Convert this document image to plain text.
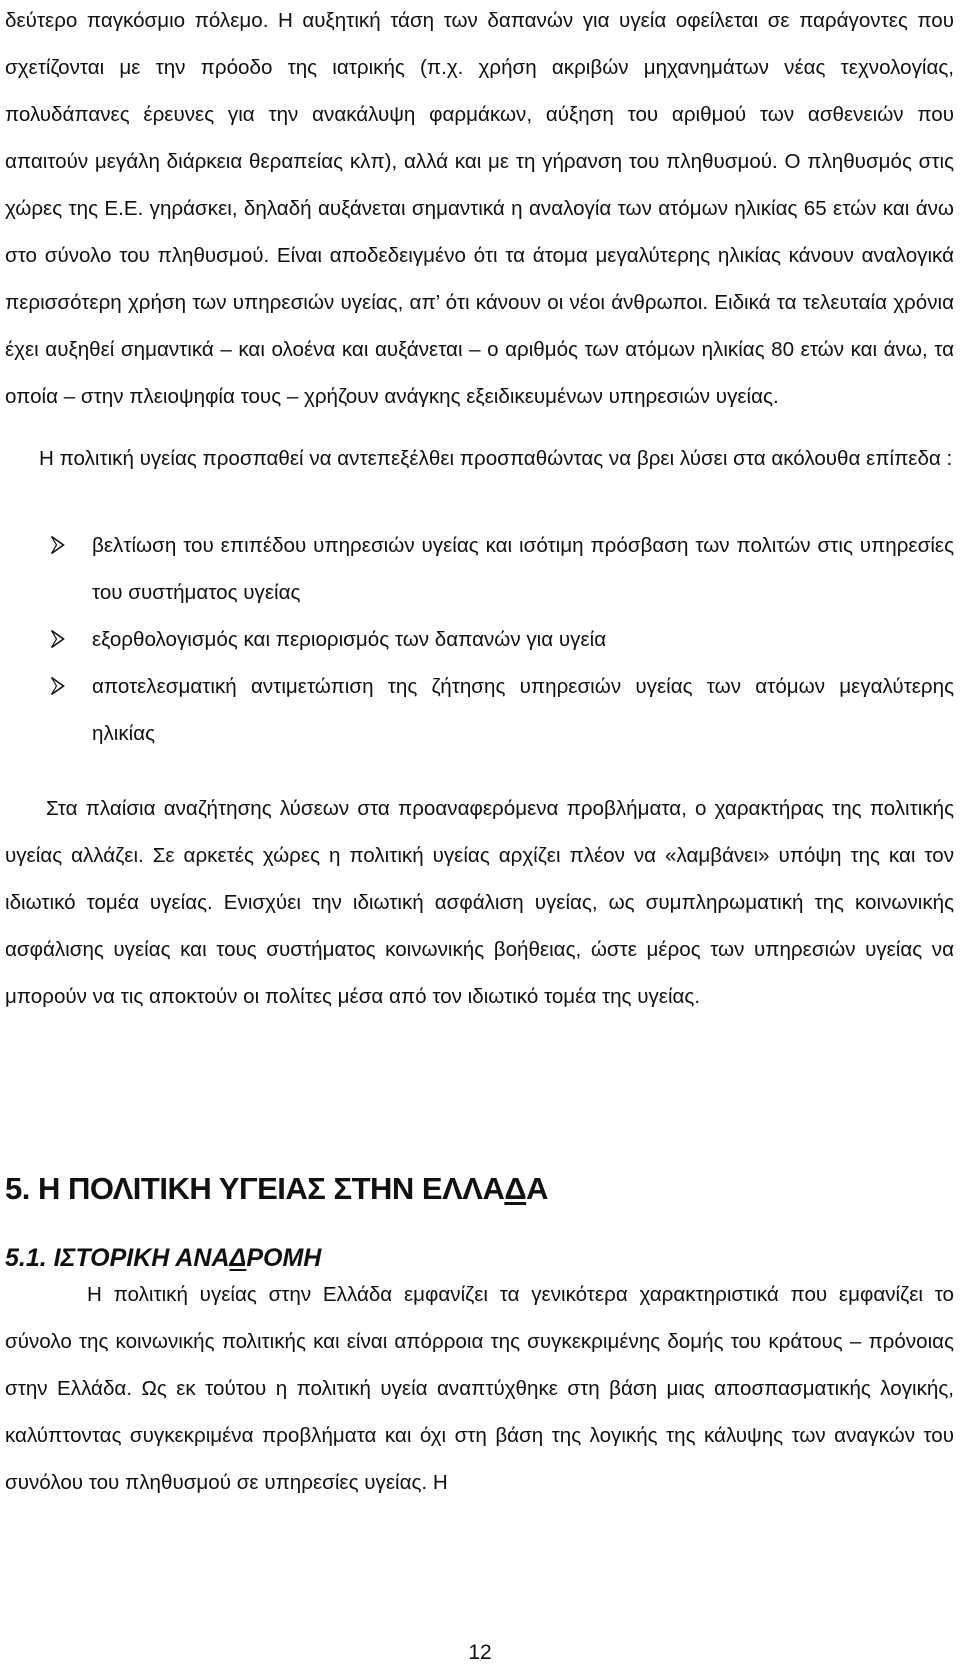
δεύτερο παγκόσμιο πόλεμο. Η αυξητική τάση των δαπανών για υγεία οφείλεται σε παράγοντες που σχετίζονται με την πρόοδο της ιατρικής (π.χ. χρήση ακριβών μηχανημάτων νέας τεχνολογίας, πολυδάπανες έρευνες για την ανακάλυψη φαρμάκων, αύξηση του αριθμού των ασθενειών που απαιτούν μεγάλη διάρκεια θεραπείας κλπ), αλλά και με τη γήρανση του πληθυσμού. Ο πληθυσμός στις χώρες της Ε.Ε. γηράσκει, δηλαδή αυξάνεται σημαντικά η αναλογία των ατόμων ηλικίας 65 ετών και άνω στο σύνολο του πληθυσμού. Είναι αποδεδειγμένο ότι τα άτομα μεγαλύτερης ηλικίας κάνουν αναλογικά περισσότερη χρήση των υπηρεσιών υγείας, απ’ ότι κάνουν οι νέοι άνθρωποι. Ειδικά τα τελευταία χρόνια έχει αυξηθεί σημαντικά – και ολοένα και αυξάνεται – ο αριθμός των ατόμων ηλικίας 80 ετών και άνω, τα οποία – στην πλειοψηφία τους – χρήζουν ανάγκης εξειδικευμένων υπηρεσιών υγείας.

Η πολιτική υγείας προσπαθεί να αντεπεξέλθει προσπαθώντας να βρει λύσει στα ακόλουθα επίπεδα :

βελτίωση του επιπέδου υπηρεσιών υγείας και ισότιμη πρόσβαση των πολιτών στις υπηρεσίες του συστήματος υγείας
εξορθολογισμός και περιορισμός των δαπανών για υγεία
αποτελεσματική αντιμετώπιση της ζήτησης υπηρεσιών υγείας των ατόμων μεγαλύτερης ηλικίας

Στα πλαίσια αναζήτησης λύσεων στα προαναφερόμενα προβλήματα, ο χαρακτήρας της πολιτικής υγείας αλλάζει. Σε αρκετές χώρες η πολιτική υγείας αρχίζει πλέον να «λαμβάνει» υπόψη της και τον ιδιωτικό τομέα υγείας. Ενισχύει την ιδιωτική ασφάλιση υγείας, ως συμπληρωματική της κοινωνικής ασφάλισης υγείας και τους συστήματος κοινωνικής βοήθειας, ώστε μέρος των υπηρεσιών υγείας να μπορούν να τις αποκτούν οι πολίτες μέσα από τον ιδιωτικό τομέα της υγείας.

5. Η ΠΟΛΙΤΙΚΗ ΥΓΕΙΑΣ ΣΤΗΝ ΕΛΛΑΔΑ
5.1. ΙΣΤΟΡΙΚΗ ΑΝΑΔΡΟΜΗ

Η πολιτική υγείας στην Ελλάδα εμφανίζει τα γενικότερα χαρακτηριστικά που εμφανίζει το σύνολο της κοινωνικής πολιτικής και είναι απόρροια της συγκεκριμένης δομής του κράτους – πρόνοιας στην Ελλάδα. Ως εκ τούτου η πολιτική υγεία αναπτύχθηκε στη βάση μιας αποσπασματικής λογικής, καλύπτοντας συγκεκριμένα προβλήματα και όχι στη βάση της λογικής της κάλυψης των αναγκών του συνόλου του πληθυσμού σε υπηρεσίες υγείας. Η

12
